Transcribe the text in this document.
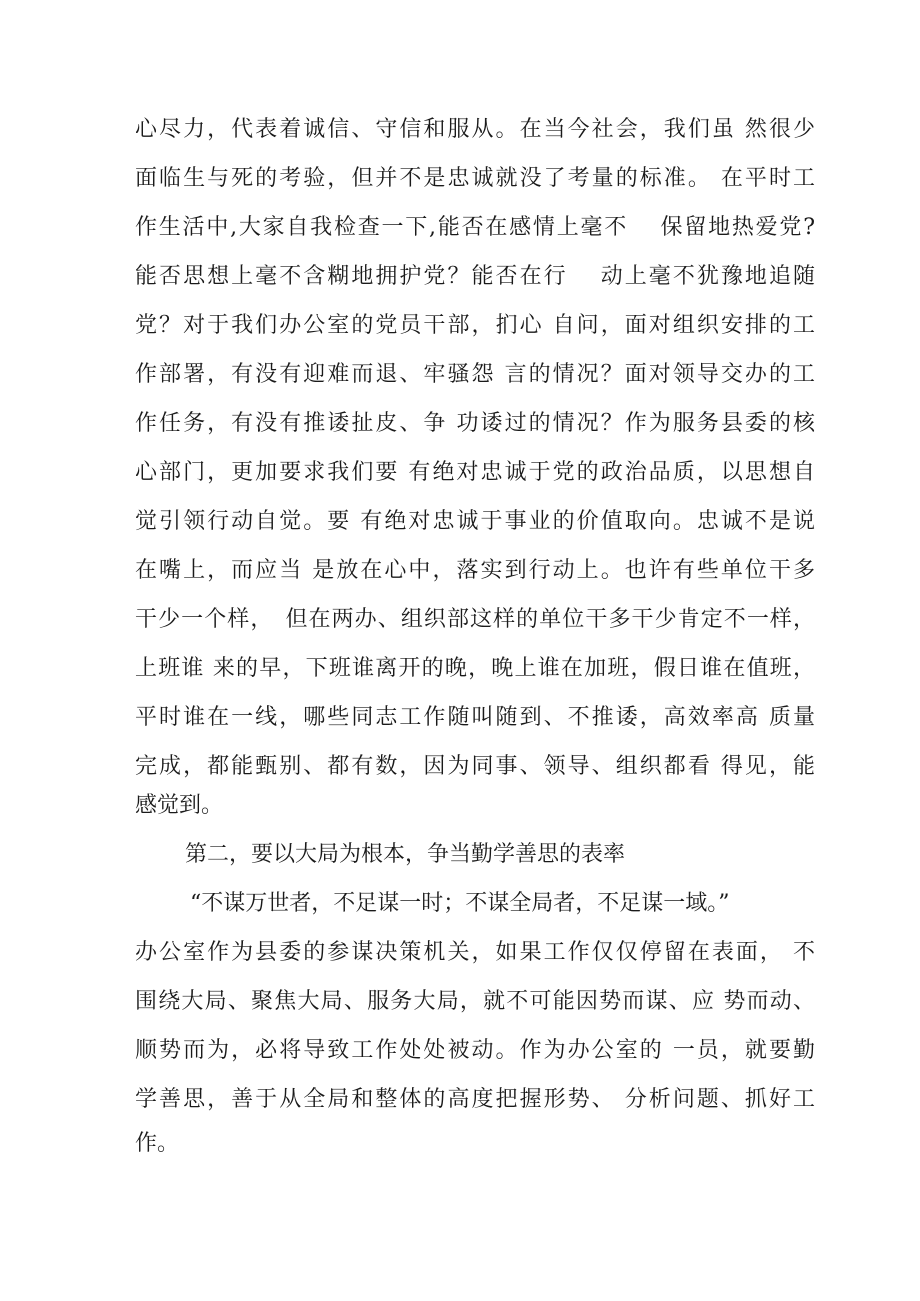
心尽力，代表着诚信、守信和服从。在当今社会，我们虽 然很少
面临生与死的考验，但并不是忠诚就没了考量的标准。 在平时工
作生活中,大家自我检查一下,能否在感情上毫不　 保留地热爱党?
能否思想上毫不含糊地拥护党？能否在行　 动上毫不犹豫地追随
党？对于我们办公室的党员干部，扪心 自问，面对组织安排的工
作部署，有没有迎难而退、牢骚怨 言的情况？面对领导交办的工
作任务，有没有推诿扯皮、争 功诿过的情况？作为服务县委的核
心部门，更加要求我们要 有绝对忠诚于党的政治品质，以思想自
觉引领行动自觉。要 有绝对忠诚于事业的价值取向。忠诚不是说
在嘴上，而应当 是放在心中，落实到行动上。也许有些单位干多
干少一个样，　但在两办、组织部这样的单位干多干少肯定不一样，
上班谁 来的早，下班谁离开的晚，晚上谁在加班，假日谁在值班，
平时谁在一线，哪些同志工作随叫随到、不推诿，高效率高 质量
完成，都能甄别、都有数，因为同事、领导、组织都看 得见，能
感觉到。
第二，要以大局为根本，争当勤学善思的表率
“不谋万世者，不足谋一时；不谋全局者，不足谋一域。”
办公室作为县委的参谋决策机关，如果工作仅仅停留在表面， 不
围绕大局、聚焦大局、服务大局，就不可能因势而谋、应 势而动、
顺势而为，必将导致工作处处被动。作为办公室的 一员，就要勤
学善思，善于从全局和整体的高度把握形势、 分析问题、抓好工
作。
